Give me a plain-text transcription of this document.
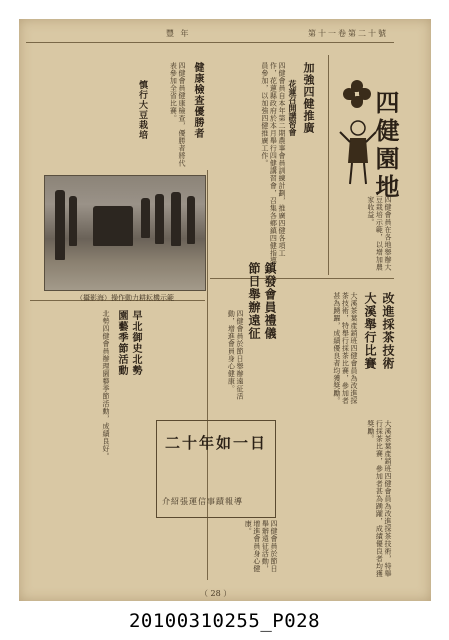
豐 年	第十一卷第二十號
四健園地
加強四健推廣
花蓮召開講習會
四健會員自本年第二期農事會員訓練計劃，推廣四健各項工作，花蓮縣政府於本月舉行四健講習會，召集各鄉鎮四健指導員參加，以加強四健推廣工作。
四健會員在各地舉辦大豆栽培示範，以增加農家收益。
健康檢查優勝者
四健會員健康檢查，優勝者將代表參加全省比賽。
慎行大豆栽培
（攝影海）操作動力耕耘機示範	改進採茶技術
大溪舉行比賽
大溪茶葉產銷班四健會員為改進採茶技術，特舉行採茶比賽，參加者甚為踴躍，成績優良者均獲獎勵。
大溪茶葉產銷班四健會員為改進採茶技術，特舉行採茶比賽，參加者甚為踴躍，成績優良者均獲獎勵。
鎮發會員禮儀
節日舉辦遠征
四健會員於節日舉辦遠征活動，增進會員身心健康。
四健會員於節日舉辦遠征活動，增進會員身心健康。
早北御史北勢
園藝季節活動
北勢四健會員辦理園藝季節活動，成績良好。	二十年如一日
介紹張運信事蹟報導
（ 28 ）
20100310255_P028
